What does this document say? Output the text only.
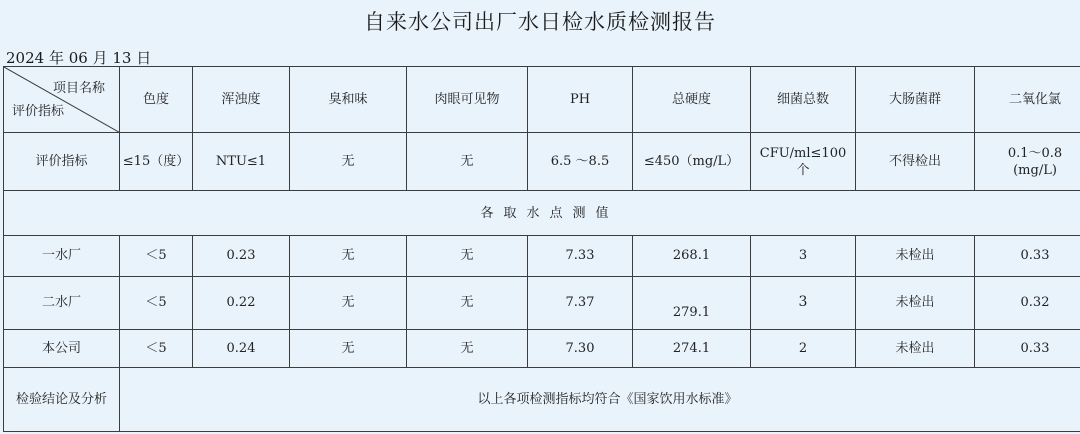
自来水公司出厂水日检水质检测报告
2024 年 06 月 13 日
项目名称
评价指标	色度	浑浊度	臭和味	肉眼可见物	PH	总硬度	细菌总数	大肠菌群	二氧化氯
评价指标	≤15（度）	NTU≤1	无	无	6.5 ～8.5	≤450（mg/L）	CFU/ml≤100 个	不得检出	0.1～0.8
(mg/L)

各取水点测值									
一水厂	＜5	0.23	无	无	7.33	268.1	3	未检出	0.33
二水厂	＜5	0.22	无	无	7.37	279.1	3	未检出	0.32
本公司	＜5	0.24	无	无	7.30	274.1	2	未检出	0.33
检验结论及分析	以上各项检测指标均符合《国家饮用水标准》								
